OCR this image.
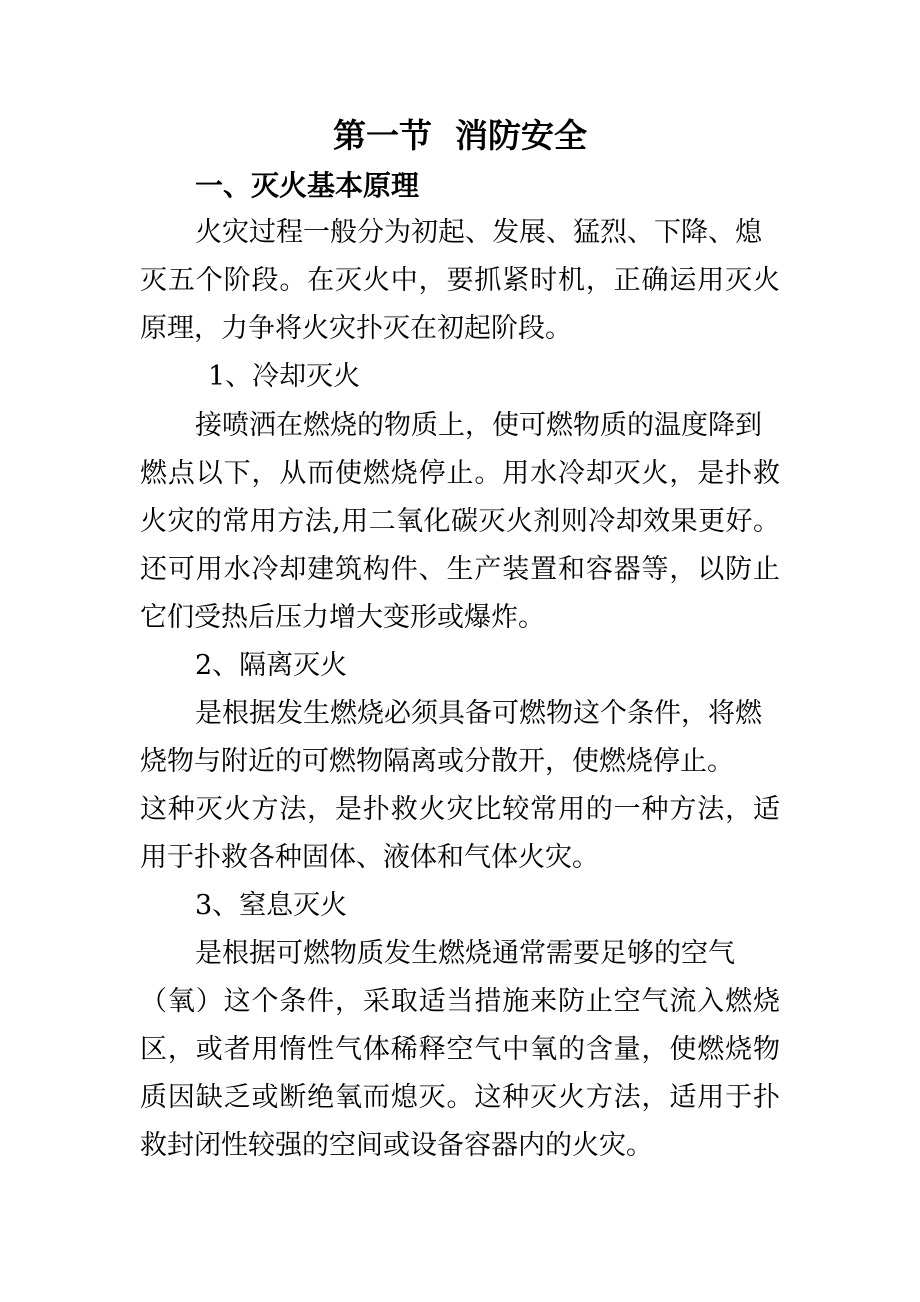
第一节  消防安全
一、灭火基本原理
火灾过程一般分为初起、发展、猛烈、下降、熄
灭五个阶段。在灭火中，要抓紧时机，正确运用灭火
原理，力争将火灾扑灭在初起阶段。
1、冷却灭火
接喷洒在燃烧的物质上，使可燃物质的温度降到
燃点以下，从而使燃烧停止。用水冷却灭火，是扑救
火灾的常用方法,用二氧化碳灭火剂则冷却效果更好。
还可用水冷却建筑构件、生产装置和容器等，以防止
它们受热后压力增大变形或爆炸。
2、隔离灭火
是根据发生燃烧必须具备可燃物这个条件，将燃
烧物与附近的可燃物隔离或分散开，使燃烧停止。
这种灭火方法，是扑救火灾比较常用的一种方法，适
用于扑救各种固体、液体和气体火灾。
3、窒息灭火
是根据可燃物质发生燃烧通常需要足够的空气
（氧）这个条件，采取适当措施来防止空气流入燃烧
区，或者用惰性气体稀释空气中氧的含量，使燃烧物
质因缺乏或断绝氧而熄灭。这种灭火方法，适用于扑
救封闭性较强的空间或设备容器内的火灾。
